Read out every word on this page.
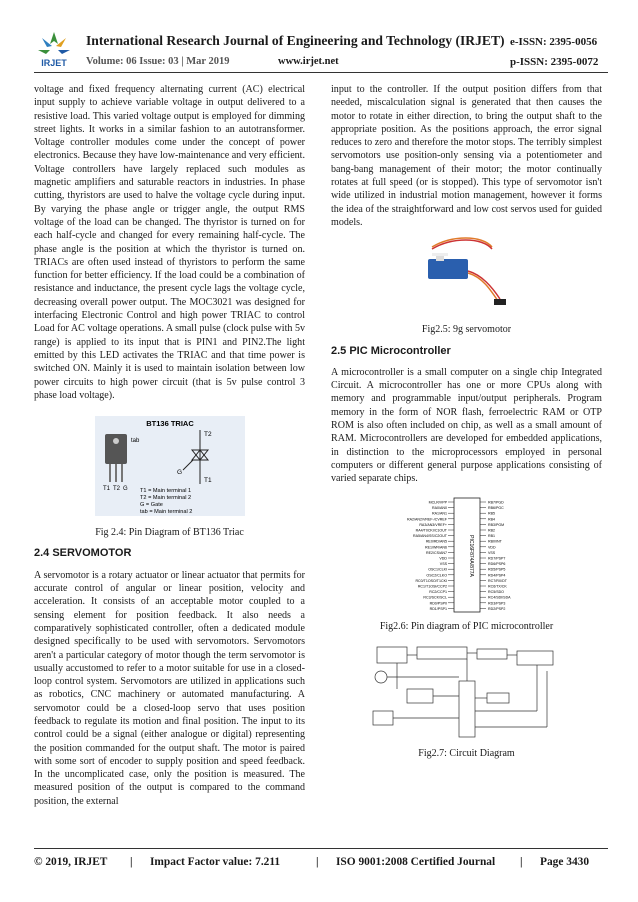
IRJET
International Research Journal of Engineering and Technology (IRJET) e-ISSN: 2395-0056
Volume: 06 Issue: 03 | Mar 2019	www.irjet.net	p-ISSN: 2395-0072

voltage and fixed frequency alternating current (AC) electrical input supply to achieve variable voltage in output delivered to a resistive load. This varied voltage output is employed for dimming street lights. It works in a similar fashion to an autotransformer. Voltage controller modules come under the concept of power electronics. Because they have low-maintenance and very efficient. Voltage controllers have largely replaced such modules as magnetic amplifiers and saturable reactors in industries. In phase cutting, thyristors are used to halve the voltage cycle during input. By varying the phase angle or trigger angle, the output RMS voltage of the load can be changed. The thyristor is turned on for each half-cycle and changed for every remaining half-cycle. The phase angle is the position at which the thyristor is turned on. TRIACs are often used instead of thyristors to perform the same function for better efficiency. If the load could be a combination of resistance and inductance, the present cycle lags the voltage cycle, decreasing overall power output. The MOC3021 was designed for interfacing Electronic Control and high power TRIAC to control Load for AC voltage operations. A small pulse (clock pulse with 5v range) is applied to its input that is PIN1 and PIN2.The light emitted by this LED activates the TRIAC and that time power is switched ON. Mainly it is used to maintain isolation between low power circuits to high power circuit (that is 5v pulse control 3 phase load voltage).

BT136 TRIAC
tab
T2
G
T1
T1 T2 G T1 = Main terminal 1
T2 = Main terminal 2
G = Gate
tab = Main terminal 2
Fig 2.4: Pin Diagram of BT136 Triac
2.4 SERVOMOTOR

A servomotor is a rotary actuator or linear actuator that permits for accurate control of angular or linear position, velocity and acceleration. It consists of an acceptable motor coupled to a sensing element for position feedback. It also needs a comparatively sophisticated controller, often a dedicated module designed specifically to be used with servomotors. Servomotors aren't a particular category of motor though the term servomotor is usually accustomed to refer to a motor suitable for use in a closed-loop control system. Servomotors are utilized in applications such as robotics, CNC machinery or automated manufacturing. A servomotor could be a closed-loop servo that uses position feedback to regulate its motion and final position. The input to its control could be a signal (either analogue or digital) representing the position commanded for the output shaft. The motor is paired with some sort of encoder to supply position and speed feedback. In the uncomplicated case, only the position is measured. The measured position of the output is compared to the command position, the external

input to the controller. If the output position differs from that needed, miscalculation signal is generated that then causes the motor to rotate in either direction, to bring the output shaft to the appropriate position. As the positions approach, the error signal reduces to zero and therefore the motor stops. The terribly simplest servomotors use position-only sensing via a potentiometer and bang-bang management of their motor; the motor continually rotates at full speed (or is stopped). This type of servomotor isn't wide utilized in industrial motion management, however it forms the idea of the straightforward and low cost servos used for guided models.

Fig2.5: 9g servomotor
2.5 PIC Microcontroller

A microcontroller is a small computer on a single chip Integrated Circuit. A microcontroller has one or more CPUs along with memory and programmable input/output peripherals. Program memory in the form of NOR flash, ferroelectric RAM or OTP ROM is also often included on chip, as well as a small amount of RAM. Microcontrollers are developed for embedded applications, in distinction to the microprocessors employed in personal computers or different general purpose applications consisting of varied separate chips.

PIC16F874A/877A
MCLR/VPP
RA0/AN0
RA1/AN1
RA2/AN2/VREF-/CVREF
RA3/AN3/VREF+
RA4/T0CKI/C1OUT
RA5/AN4/SS/C2OUT
RE0/RD/AN5
RE1/WR/AN6
RE2/CS/AN7
VDD
VSS
OSC1/CLKI
OSC2/CLKO
RC0/T1OSO/T1CKI
RC1/T1OSI/CCP2
RC2/CCP1
RC3/SCK/SCL
RD0/PSP0
RD1/PSP1
RB7/PGD
RB6/PGC
RB5
RB4
RB3/PGM
RB2
RB1
RB0/INT
VDD
VSS
RD7/PSP7
RD6/PSP6
RD5/PSP5
RD4/PSP4
RC7/RX/DT
RC6/TX/CK
RC5/SDO
RC4/SDI/SDA
RD3/PSP3
RD2/PSP2
Fig2.6: Pin diagram of PIC microcontroller
Fig2.7: Circuit Diagram
© 2019, IRJET | Impact Factor value: 7.211	| ISO 9001:2008 Certified Journal | Page 3430
